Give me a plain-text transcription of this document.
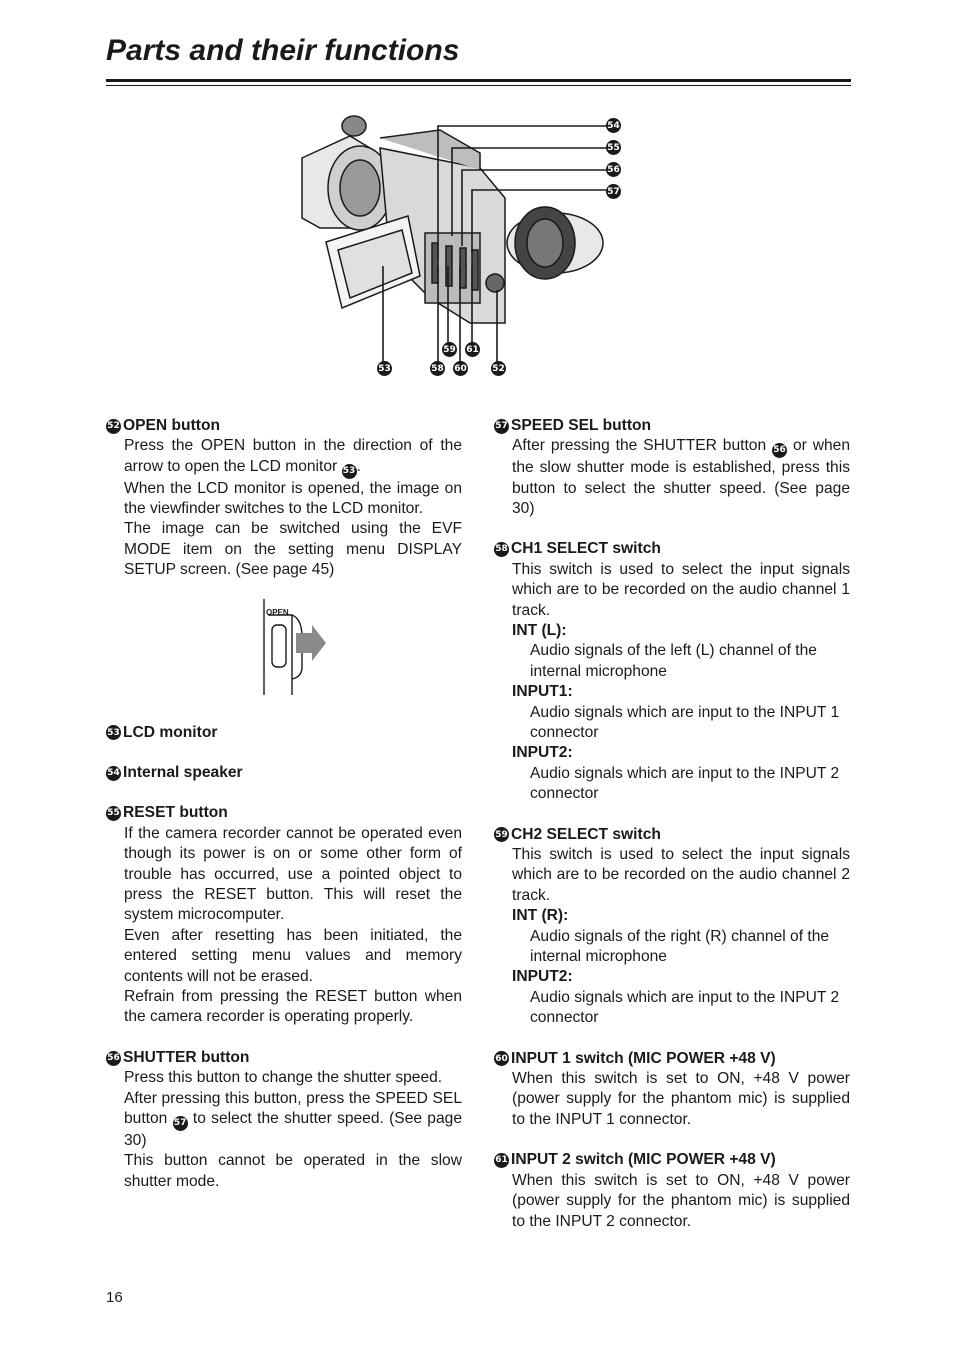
Parts and their functions
54
55
56
57
59 61
53	58 60	52
52 OPEN button

Press the OPEN button in the direction of the arrow to open the LCD monitor 53.

When the LCD monitor is opened, the image on the viewfinder switches to the LCD monitor.

The image can be switched using the EVF MODE item on the setting menu DISPLAY SETUP screen. (See page 45)

OPEN
53 LCD monitor
54 Internal speaker
55 RESET button

If the camera recorder cannot be operated even though its power is on or some other form of trouble has occurred, use a pointed object to press the RESET button. This will reset the system microcomputer.

Even after resetting has been initiated, the entered setting menu values and memory contents will not be erased.

Refrain from pressing the RESET button when the camera recorder is operating properly.

56 SHUTTER button

Press this button to change the shutter speed.

After pressing this button, press the SPEED SEL button 57 to select the shutter speed. (See page 30)

This button cannot be operated in the slow shutter mode.

57 SPEED SEL button

After pressing the SHUTTER button 56 or when the slow shutter mode is established, press this button to select the shutter speed. (See page 30)

58 CH1 SELECT switch

This switch is used to select the input signals which are to be recorded on the audio channel 1 track.

INT (L):
Audio signals of the left (L) channel of the internal microphone
INPUT1:
Audio signals which are input to the INPUT 1 connector
INPUT2:
Audio signals which are input to the INPUT 2 connector
59 CH2 SELECT switch

This switch is used to select the input signals which are to be recorded on the audio channel 2 track.

INT (R):
Audio signals of the right (R) channel of the internal microphone
INPUT2:
Audio signals which are input to the INPUT 2 connector
60 INPUT 1 switch (MIC POWER +48 V)

When this switch is set to ON, +48 V power (power supply for the phantom mic) is supplied to the INPUT 1 connector.

61 INPUT 2 switch (MIC POWER +48 V)

When this switch is set to ON, +48 V power (power supply for the phantom mic) is supplied to the INPUT 2 connector.

16
